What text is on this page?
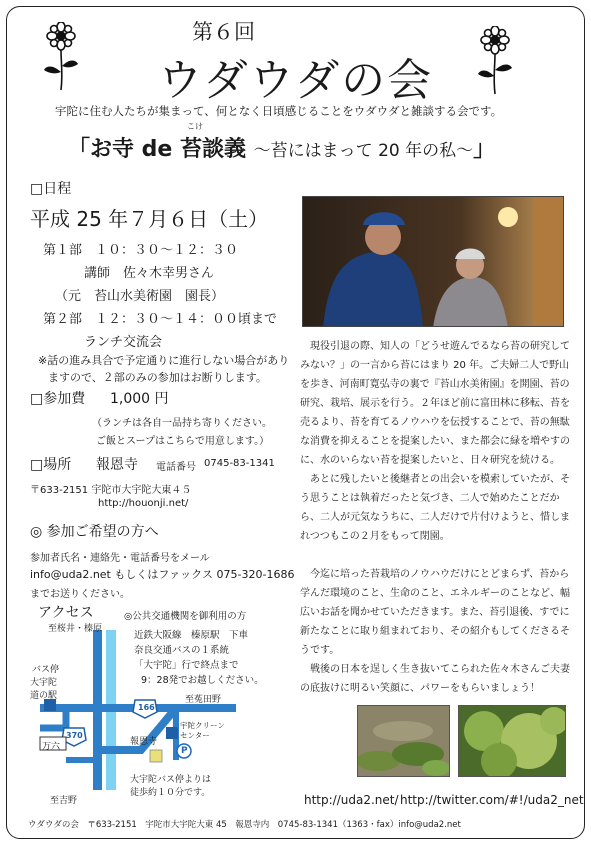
第６回
ウダウダの会
宇陀に住む人たちが集まって、何となく日頃感じることをウダウダと雑談する会です。
こけ
「お寺 de 苔談義 ～苔にはまって 20 年の私～」
□日程
平成 25 年７月６日（土）
第１部　１０：３０～１２：３０
講師　佐々木幸男さん
（元　苔山水美術園　園長）
第２部　１２：３０～１４：００頃まで
ランチ交流会
※話の進み具合で予定通りに進行しない場合があり
ますので、２部のみの参加はお断りします。
□参加費 1,000 円
（ランチは各自一品持ち寄りください。
ご飯とスープはこちらで用意します。）
□場所 報恩寺 電話番号 0745-83-1341
〒633-2151 宇陀市大宇陀大東４５
http://houonji.net/
◎ 参加ご希望の方へ
参加者氏名・連絡先・電話番号をメール
info@uda2.net もしくはファックス 075-320-1686
までお送りください。
アクセス	◎公共交通機関を御利用の方
近鉄大阪線　榛原駅　下車
奈良交通バスの１系統
「大宇陀」行で終点まで
9：28発でお越しください。
至桜井・榛原
バス停
大宇陀
道の駅	至菟田野
166
370
万六	報恩寺
宇陀クリーン
センター
P
大宇陀バス停よりは
徒歩約１０分です。
至吉野

現役引退の際、知人の「どうせ遊んでるなら苔の研究してみない？」の一言から苔にはまり 20 年。ご夫婦二人で野山を歩き、河南町寛弘寺の裏で『苔山水美術園』を開園、苔の研究、栽培、展示を行う。２年ほど前に富田林に移転、苔を売るより、苔を育てるノウハウを伝授することで、苔の無駄な消費を抑えることを提案したい、また都会に緑を増やすのに、水のいらない苔を提案したいと、日々研究を続ける。

あとに残したいと後継者との出会いを模索していたが、そう思うことは執着だったと気づき、二人で始めたことだから、二人が元気なうちに、二人だけで片付けようと、惜しまれつつもこの２月をもって閉園。

今迄に培った苔栽培のノウハウだけにとどまらず、苔から学んだ環境のこと、生命のこと、エネルギーのことなど、幅広いお話を聞かせていただきます。また、苔引退後、すでに新たなことに取り組まれており、その紹介もしてくださるそうです。

戦後の日本を逞しく生き抜いてこられた佐々木さんご夫妻の底抜けに明るい笑顔に、パワーをもらいましょう！

http://uda2.net/ http://twitter.com/#!/uda2_net
ウダウダの会　〒633-2151　宇陀市大宇陀大東 45　報恩寺内　0745-83-1341（1363・fax）info@uda2.net
